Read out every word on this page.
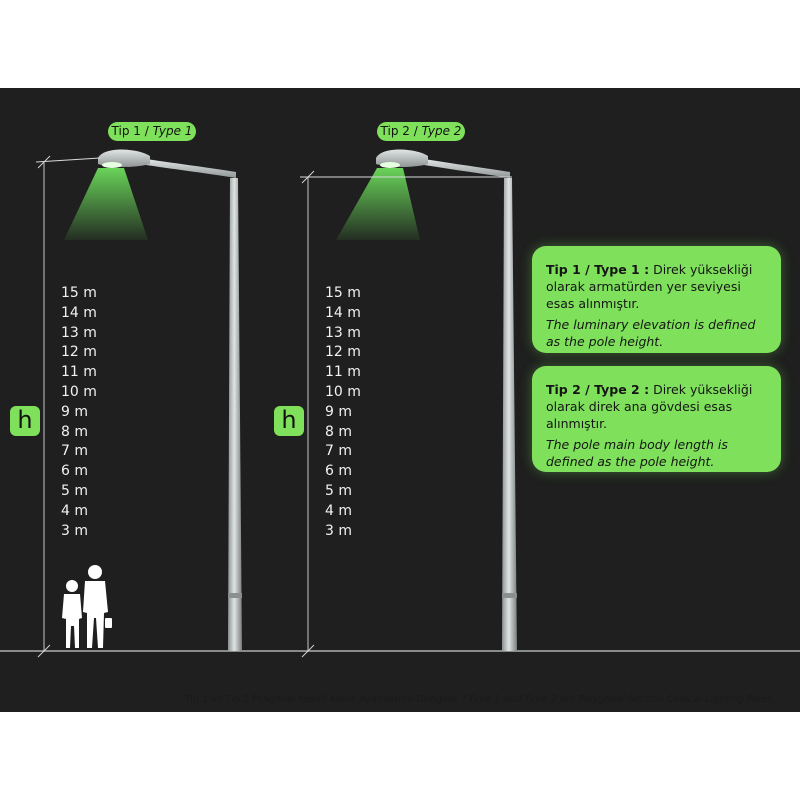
Tip 1 / Type 1	Tip 2 / Type 2
h	h
15 m
14 m
13 m
12 m
11 m
10 m
9 m
8 m
7 m
6 m
5 m
4 m
3 m
15 m
14 m
13 m
12 m
11 m
10 m
9 m
8 m
7 m
6 m
5 m
4 m
3 m

Tip 1 / Type 1 : Direk yüksekliği olarak armatürden yer seviyesi esas alınmıştır.

The luminary elevation is defined as the pole height.

Tip 2 / Type 2 : Direk yüksekliği olarak direk ana gövdesi esas alınmıştır.

The pole main body length is defined as the pole height.

Tip 1 ve Tip 2 Poligonal Kesitli Konik Aydınlatma Direğidir. / Type 1 and Type 2 are Polygonal Section Conical Lighting Poles.
